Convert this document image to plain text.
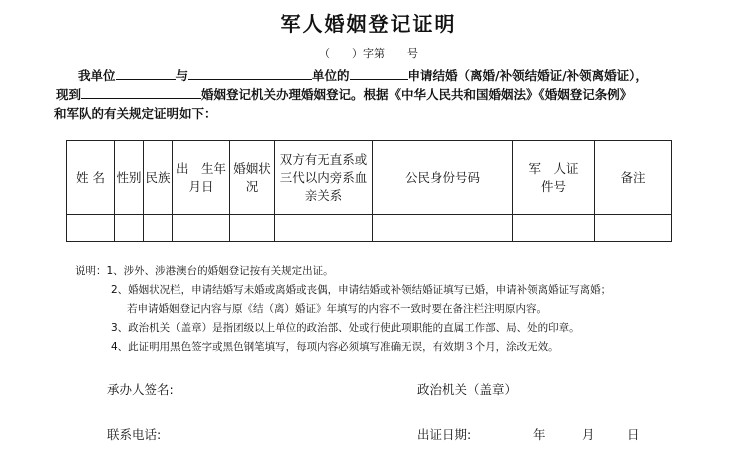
军人婚姻登记证明
（　　）字第　　号
我单位	与	单位的	申请结婚（离婚/补领结婚证/补领离婚证），
现到	婚姻登记机关办理婚姻登记。根据《中华人民共和国婚姻法》《婚姻登记条例》
和军队的有关规定证明如下：
姓 名	性别	民族	出　生年月日	婚姻状况	双方有无直系或三代以内旁系血亲关系	公民身份号码	军　人证件号	备注

说明：1、涉外、涉港澳台的婚姻登记按有关规定出证。
2、婚姻状况栏，申请结婚写未婚或离婚或丧偶，申请结婚或补领结婚证填写已婚，申请补领离婚证写离婚；
若申请婚姻登记内容与原《结（离）婚证》年填写的内容不一致时要在备注栏注明原内容。
3、政治机关（盖章）是指团级以上单位的政治部、处或行使此项职能的直属工作部、局、处的印章。
4、此证明用黑色签字或黑色钢笔填写，每项内容必须填写准确无误，有效期３个月，涂改无效。
承办人签名:	政治机关（盖章）
联系电话:	出证日期:	年	月	日
